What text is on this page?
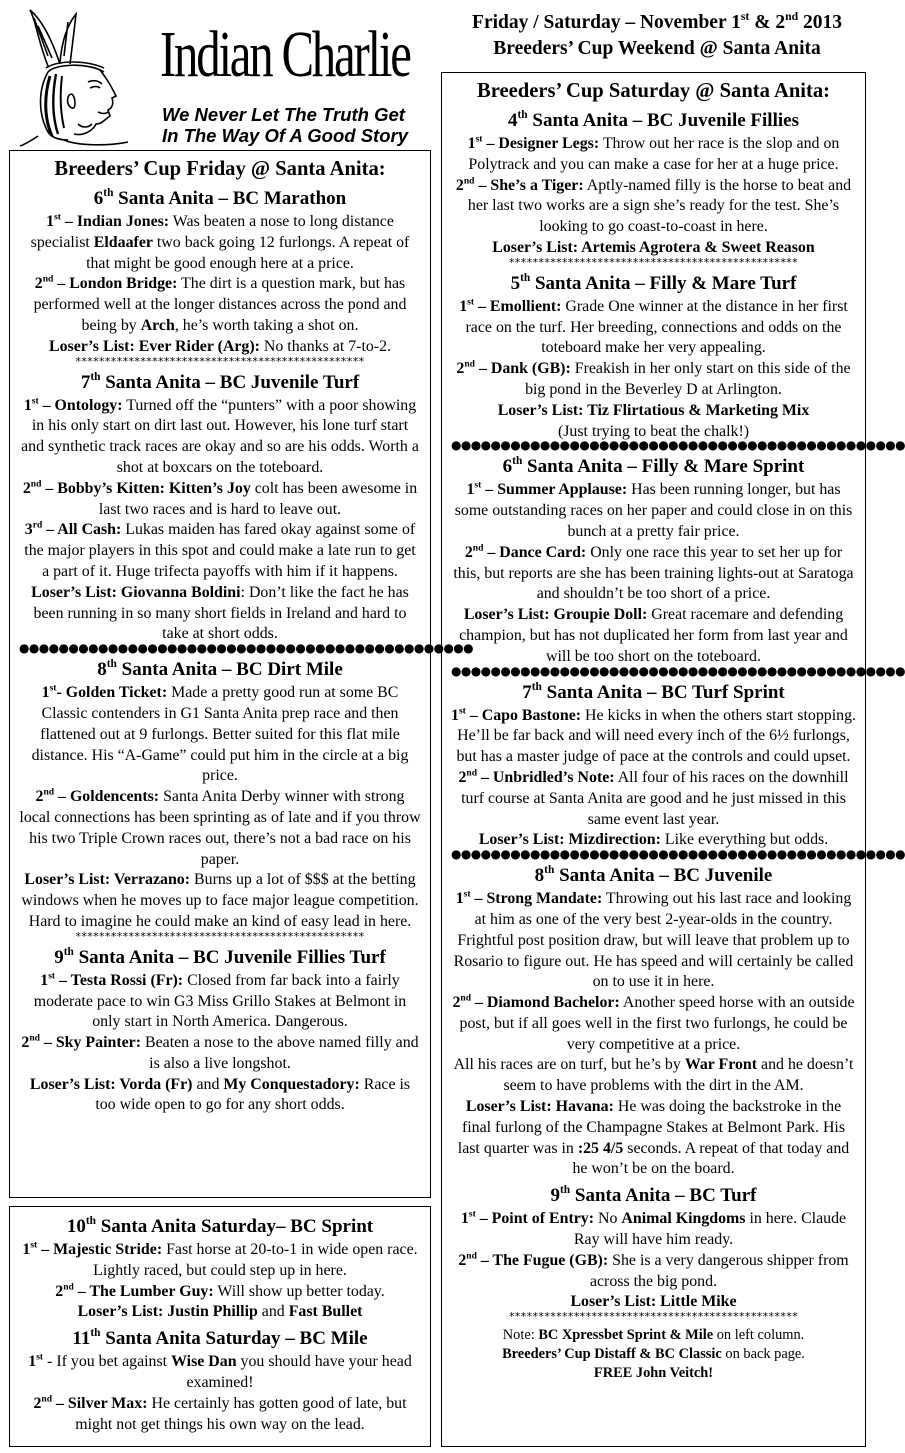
Indian Charlie
We Never Let The Truth Get
In The Way Of A Good Story
Friday / Saturday – November 1st & 2nd 2013
Breeders’ Cup Weekend @ Santa Anita
Breeders’ Cup Friday @ Santa Anita:
6th Santa Anita – BC Marathon

1st – Indian Jones: Was beaten a nose to long distance specialist Eldaafer two back going 12 furlongs. A repeat of that might be good enough here at a price.

2nd – London Bridge: The dirt is a question mark, but has performed well at the longer distances across the pond and being by Arch, he’s worth taking a shot on.

Loser’s List: Ever Rider (Arg): No thanks at 7-to-2.

*************************************************
7th Santa Anita – BC Juvenile Turf

1st – Ontology: Turned off the “punters” with a poor showing in his only start on dirt last out. However, his lone turf start and synthetic track races are okay and so are his odds. Worth a shot at boxcars on the toteboard.

2nd – Bobby’s Kitten: Kitten’s Joy colt has been awesome in last two races and is hard to leave out.

3rd – All Cash: Lukas maiden has fared okay against some of the major players in this spot and could make a late run to get a part of it. Huge trifecta payoffs with him if it happens.

Loser’s List: Giovanna Boldini: Don’t like the fact he has been running in so many short fields in Ireland and hard to take at short odds.

●●●●●●●●●●●●●●●●●●●●●●●●●●●●●●●●●●●●●●●●●●●●●●
8th Santa Anita – BC Dirt Mile

1st- Golden Ticket: Made a pretty good run at some BC Classic contenders in G1 Santa Anita prep race and then flattened out at 9 furlongs. Better suited for this flat mile distance. His “A-Game” could put him in the circle at a big price.

2nd – Goldencents: Santa Anita Derby winner with strong local connections has been sprinting as of late and if you throw his two Triple Crown races out, there’s not a bad race on his paper.

Loser’s List: Verrazano: Burns up a lot of $$$ at the betting windows when he moves up to face major league competition. Hard to imagine he could make an kind of easy lead in here.

*************************************************
9th Santa Anita – BC Juvenile Fillies Turf

1st – Testa Rossi (Fr): Closed from far back into a fairly moderate pace to win G3 Miss Grillo Stakes at Belmont in only start in North America. Dangerous.

2nd – Sky Painter: Beaten a nose to the above named filly and is also a live longshot.

Loser’s List: Vorda (Fr) and My Conquestadory: Race is too wide open to go for any short odds.

10th Santa Anita Saturday– BC Sprint

1st – Majestic Stride: Fast horse at 20-to-1 in wide open race. Lightly raced, but could step up in here.

2nd – The Lumber Guy: Will show up better today.

Loser’s List: Justin Phillip and Fast Bullet

11th Santa Anita Saturday – BC Mile

1st - If you bet against Wise Dan you should have your head examined!

2nd – Silver Max: He certainly has gotten good of late, but might not get things his own way on the lead.

Breeders’ Cup Saturday @ Santa Anita:
4th Santa Anita – BC Juvenile Fillies

1st – Designer Legs: Throw out her race is the slop and on Polytrack and you can make a case for her at a huge price.

2nd – She’s a Tiger: Aptly-named filly is the horse to beat and her last two works are a sign she’s ready for the test. She’s looking to go coast-to-coast in here.

Loser’s List: Artemis Agrotera & Sweet Reason

*************************************************
5th Santa Anita – Filly & Mare Turf

1st – Emollient: Grade One winner at the distance in her first race on the turf. Her breeding, connections and odds on the toteboard make her very appealing.

2nd – Dank (GB): Freakish in her only start on this side of the big pond in the Beverley D at Arlington.

Loser’s List: Tiz Flirtatious & Marketing Mix

(Just trying to beat the chalk!)

●●●●●●●●●●●●●●●●●●●●●●●●●●●●●●●●●●●●●●●●●●●●●●
6th Santa Anita – Filly & Mare Sprint

1st – Summer Applause: Has been running longer, but has some outstanding races on her paper and could close in on this bunch at a pretty fair price.

2nd – Dance Card: Only one race this year to set her up for this, but reports are she has been training lights-out at Saratoga and shouldn’t be too short of a price.

Loser’s List: Groupie Doll: Great racemare and defending champion, but has not duplicated her form from last year and will be too short on the toteboard.

●●●●●●●●●●●●●●●●●●●●●●●●●●●●●●●●●●●●●●●●●●●●●●
7th Santa Anita – BC Turf Sprint

1st – Capo Bastone: He kicks in when the others start stopping. He’ll be far back and will need every inch of the 6½ furlongs, but has a master judge of pace at the controls and could upset.

2nd – Unbridled’s Note: All four of his races on the downhill turf course at Santa Anita are good and he just missed in this same event last year.

Loser’s List: Mizdirection: Like everything but odds.

●●●●●●●●●●●●●●●●●●●●●●●●●●●●●●●●●●●●●●●●●●●●●●
8th Santa Anita – BC Juvenile

1st – Strong Mandate: Throwing out his last race and looking at him as one of the very best 2-year-olds in the country. Frightful post position draw, but will leave that problem up to Rosario to figure out. He has speed and will certainly be called on to use it in here.

2nd – Diamond Bachelor: Another speed horse with an outside post, but if all goes well in the first two furlongs, he could be very competitive at a price.

All his races are on turf, but he’s by War Front and he doesn’t seem to have problems with the dirt in the AM.

Loser’s List: Havana: He was doing the backstroke in the final furlong of the Champagne Stakes at Belmont Park. His last quarter was in :25 4/5 seconds. A repeat of that today and he won’t be on the board.

9th Santa Anita – BC Turf

1st – Point of Entry: No Animal Kingdoms in here. Claude Ray will have him ready.

2nd – The Fugue (GB): She is a very dangerous shipper from across the big pond.

Loser’s List: Little Mike

*************************************************

Note: BC Xpressbet Sprint & Mile on left column.
Breeders’ Cup Distaff & BC Classic on back page.
FREE John Veitch!
